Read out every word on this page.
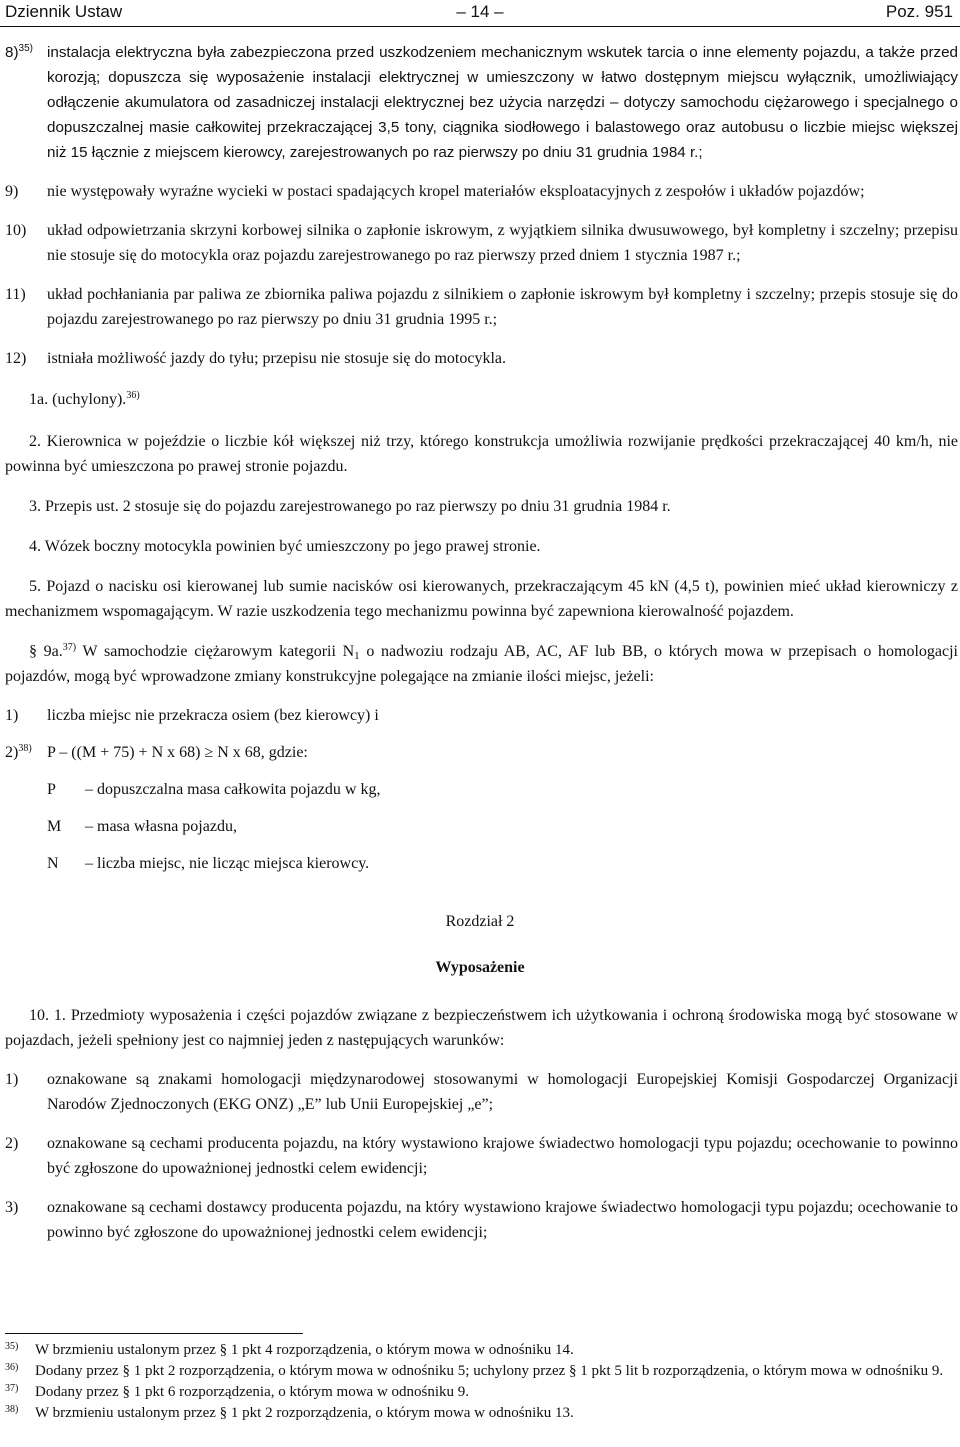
Dziennik Ustaw	– 14 –	Poz. 951
8)$^{35)}$ instalacja elektryczna była zabezpieczona przed uszkodzeniem mechanicznym wskutek tarcia o inne elementy pojazdu, a także przed korozją; dopuszcza się wyposażenie instalacji elektrycznej w umieszczony w łatwo dostępnym miejscu wyłącznik, umożliwiający odłączenie akumulatora od zasadniczej instalacji elektrycznej bez użycia narzędzi – dotyczy samochodu ciężarowego i specjalnego o dopuszczalnej masie całkowitej przekraczającej 3,5 tony, ciągnika siodłowego i balastowego oraz autobusu o liczbie miejsc większej niż 15 łącznie z miejscem kierowcy, zarejestrowanych po raz pierwszy po dniu 31 grudnia 1984 r.;
9) nie występowały wyraźne wycieki w postaci spadających kropel materiałów eksploatacyjnych z zespołów i układów pojazdów;
10) układ odpowietrzania skrzyni korbowej silnika o zapłonie iskrowym, z wyjątkiem silnika dwusuwowego, był kompletny i szczelny; przepisu nie stosuje się do motocykla oraz pojazdu zarejestrowanego po raz pierwszy przed dniem 1 stycznia 1987 r.;
11) układ pochłaniania par paliwa ze zbiornika paliwa pojazdu z silnikiem o zapłonie iskrowym był kompletny i szczelny; przepis stosuje się do pojazdu zarejestrowanego po raz pierwszy po dniu 31 grudnia 1995 r.;
12) istniała możliwość jazdy do tyłu; przepisu nie stosuje się do motocykla.
1a. (uchylony).$^{36)}$
2. Kierownica w pojeździe o liczbie kół większej niż trzy, którego konstrukcja umożliwia rozwijanie prędkości przekraczającej 40 km/h, nie powinna być umieszczona po prawej stronie pojazdu.
3. Przepis ust. 2 stosuje się do pojazdu zarejestrowanego po raz pierwszy po dniu 31 grudnia 1984 r.
4. Wózek boczny motocykla powinien być umieszczony po jego prawej stronie.
5. Pojazd o nacisku osi kierowanej lub sumie nacisków osi kierowanych, przekraczającym 45 kN (4,5 t), powinien mieć układ kierowniczy z mechanizmem wspomagającym. W razie uszkodzenia tego mechanizmu powinna być zapewniona kierowalność pojazdem.
§ 9a.$^{37)}$ W samochodzie ciężarowym kategorii $N_1$ o nadwoziu rodzaju AB, AC, AF lub BB, o których mowa w przepisach o homologacji pojazdów, mogą być wprowadzone zmiany konstrukcyjne polegające na zmianie ilości miejsc, jeżeli:
1) liczba miejsc nie przekracza osiem (bez kierowcy) i
2)$^{38)}$ P – ((M + 75) + N x 68) ≥ N x 68, gdzie:
P – dopuszczalna masa całkowita pojazdu w kg,
M – masa własna pojazdu,
N – liczba miejsc, nie licząc miejsca kierowcy.
Rozdział 2
Wyposażenie
10. 1. Przedmioty wyposażenia i części pojazdów związane z bezpieczeństwem ich użytkowania i ochroną środowiska mogą być stosowane w pojazdach, jeżeli spełniony jest co najmniej jeden z następujących warunków:
1) oznakowane są znakami homologacji międzynarodowej stosowanymi w homologacji Europejskiej Komisji Gospodarczej Organizacji Narodów Zjednoczonych (EKG ONZ) „E” lub Unii Europejskiej „e”;
2) oznakowane są cechami producenta pojazdu, na który wystawiono krajowe świadectwo homologacji typu pojazdu; ocechowanie to powinno być zgłoszone do upoważnionej jednostki celem ewidencji;
3) oznakowane są cechami dostawcy producenta pojazdu, na który wystawiono krajowe świadectwo homologacji typu pojazdu; ocechowanie to powinno być zgłoszone do upoważnionej jednostki celem ewidencji;
35) W brzmieniu ustalonym przez § 1 pkt 4 rozporządzenia, o którym mowa w odnośniku 14.
36) Dodany przez § 1 pkt 2 rozporządzenia, o którym mowa w odnośniku 5; uchylony przez § 1 pkt 5 lit b rozporządzenia, o którym mowa w odnośniku 9.
37) Dodany przez § 1 pkt 6 rozporządzenia, o którym mowa w odnośniku 9.
38) W brzmieniu ustalonym przez § 1 pkt 2 rozporządzenia, o którym mowa w odnośniku 13.
